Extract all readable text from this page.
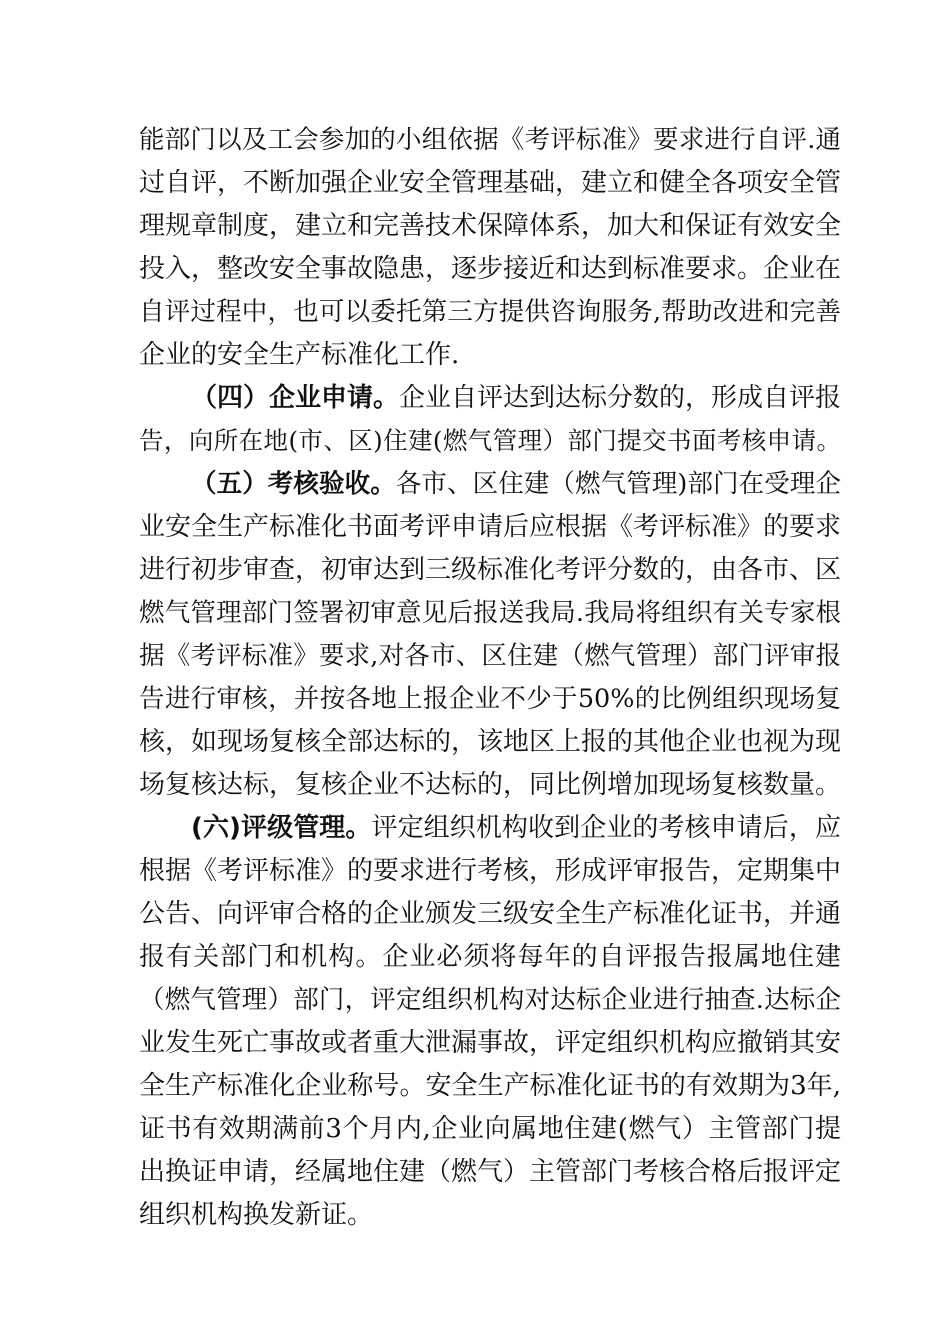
能部门以及工会参加的小组依据《考评标准》要求进行自评.通
过自评，不断加强企业安全管理基础，建立和健全各项安全管
理规章制度，建立和完善技术保障体系，加大和保证有效安全
投入，整改安全事故隐患，逐步接近和达到标准要求。企业在
自评过程中，也可以委托第三方提供咨询服务,帮助改进和完善
企业的安全生产标准化工作.
（四）企业申请。企业自评达到达标分数的，形成自评报
告，向所在地(市、区)住建(燃气管理）部门提交书面考核申请。
（五）考核验收。各市、区住建（燃气管理)部门在受理企
业安全生产标准化书面考评申请后应根据《考评标准》的要求
进行初步审查，初审达到三级标准化考评分数的，由各市、区
燃气管理部门签署初审意见后报送我局.我局将组织有关专家根
据《考评标准》要求,对各市、区住建（燃气管理）部门评审报
告进行审核，并按各地上报企业不少于50%的比例组织现场复
核，如现场复核全部达标的，该地区上报的其他企业也视为现
场复核达标，复核企业不达标的，同比例增加现场复核数量。
(六)评级管理。评定组织机构收到企业的考核申请后，应
根据《考评标准》的要求进行考核，形成评审报告，定期集中
公告、向评审合格的企业颁发三级安全生产标准化证书，并通
报有关部门和机构。企业必须将每年的自评报告报属地住建
（燃气管理）部门，评定组织机构对达标企业进行抽查.达标企
业发生死亡事故或者重大泄漏事故，评定组织机构应撤销其安
全生产标准化企业称号。安全生产标准化证书的有效期为3年,
证书有效期满前3个月内,企业向属地住建(燃气）主管部门提
出换证申请，经属地住建（燃气）主管部门考核合格后报评定
组织机构换发新证。
